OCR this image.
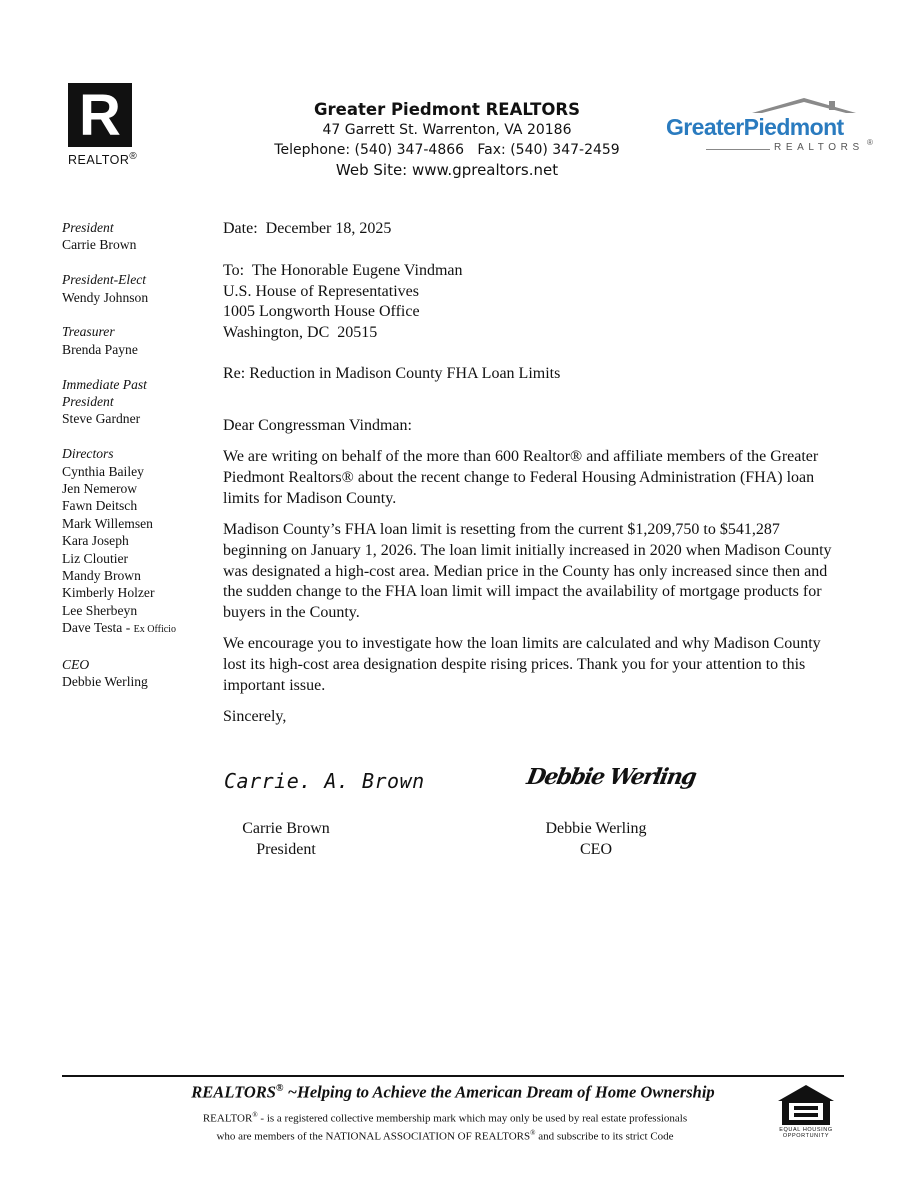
R
REALTOR®
Greater Piedmont REALTORS
47 Garrett St. Warrenton, VA 20186
Telephone: (540) 347-4866   Fax: (540) 347-2459
Web Site: www.gprealtors.net
GreaterPiedmont
REALTORS ®
President
Carrie Brown
President-Elect
Wendy Johnson
Treasurer
Brenda Payne
Immediate Past
President
Steve Gardner
Directors
Cynthia Bailey
Jen Nemerow
Fawn Deitsch
Mark Willemsen
Kara Joseph
Liz Cloutier
Mandy Brown
Kimberly Holzer
Lee Sherbeyn
Dave Testa - Ex Officio
CEO
Debbie Werling

Date:  December 18, 2025

To:  The Honorable Eugene Vindman

U.S. House of Representatives

1005 Longworth House Office

Washington, DC  20515

Re: Reduction in Madison County FHA Loan Limits

Dear Congressman Vindman:

We are writing on behalf of the more than 600 Realtor® and affiliate members of the Greater Piedmont Realtors® about the recent change to Federal Housing Administration (FHA) loan limits for Madison County.

Madison County’s FHA loan limit is resetting from the current $1,209,750 to $541,287 beginning on January 1, 2026. The loan limit initially increased in 2020 when Madison County was designated a high-cost area. Median price in the County has only increased since then and the sudden change to the FHA loan limit will impact the availability of mortgage products for buyers in the County.

We encourage you to investigate how the loan limits are calculated and why Madison County lost its high-cost area designation despite rising prices. Thank you for your attention to this important issue.

Sincerely,

Carrie. A. Brown	Debbie Werling
Carrie Brown
President
Debbie Werling
CEO
REALTORS® ~Helping to Achieve the American Dream of Home Ownership
REALTOR® - is a registered collective membership mark which may only be used by real estate professionals
who are members of the NATIONAL ASSOCIATION OF REALTORS® and subscribe to its strict Code
EQUAL HOUSING
OPPORTUNITY
